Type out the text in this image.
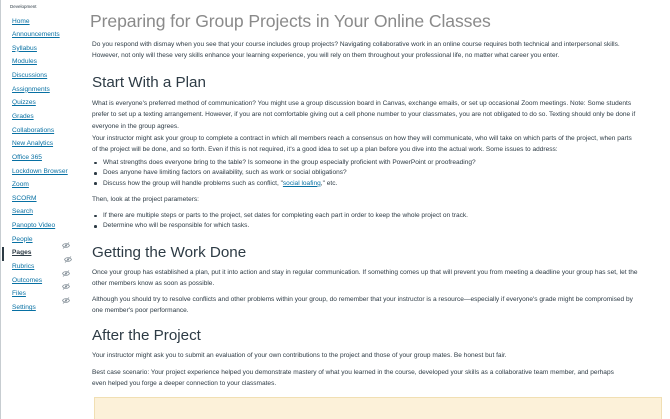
Development
Home
Announcements
Syllabus
Modules
Discussions
Assignments
Quizzes
Grades
Collaborations
New Analytics
Office 365
Lockdown Browser
Zoom
SCORM
Search
Panopto Video
People
Pages
Rubrics
Outcomes
Files
Settings
Preparing for Group Projects in Your Online Classes
Do you respond with dismay when you see that your course includes group projects? Navigating collaborative work in an online course requires both technical and interpersonal skills.
However, not only will these very skills enhance your learning experience, you will rely on them throughout your professional life, no matter what career you enter.
Start With a Plan
What is everyone's preferred method of communication? You might use a group discussion board in Canvas, exchange emails, or set up occasional Zoom meetings. Note: Some students
prefer to set up a texting arrangement. However, if you are not comfortable giving out a cell phone number to your classmates, you are not obligated to do so. Texting should only be done if
everyone in the group agrees.
Your instructor might ask your group to complete a contract in which all members reach a consensus on how they will communicate, who will take on which parts of the project, when parts
of the project will be done, and so forth. Even if this is not required, it's a good idea to set up a plan before you dive into the actual work. Some issues to address:
What strengths does everyone bring to the table? Is someone in the group especially proficient with PowerPoint or proofreading?
Does anyone have limiting factors on availability, such as work or social obligations?
Discuss how the group will handle problems such as conflict, "social loafing," etc.
Then, look at the project parameters:
If there are multiple steps or parts to the project, set dates for completing each part in order to keep the whole project on track.
Determine who will be responsible for which tasks.
Getting the Work Done
Once your group has established a plan, put it into action and stay in regular communication. If something comes up that will prevent you from meeting a deadline your group has set, let the
other members know as soon as possible.
Although you should try to resolve conflicts and other problems within your group, do remember that your instructor is a resource—especially if everyone's grade might be compromised by
one member's poor performance.
After the Project
Your instructor might ask you to submit an evaluation of your own contributions to the project and those of your group mates. Be honest but fair.
Best case scenario: Your project experience helped you demonstrate mastery of what you learned in the course, developed your skills as a collaborative team member, and perhaps
even helped you forge a deeper connection to your classmates.
